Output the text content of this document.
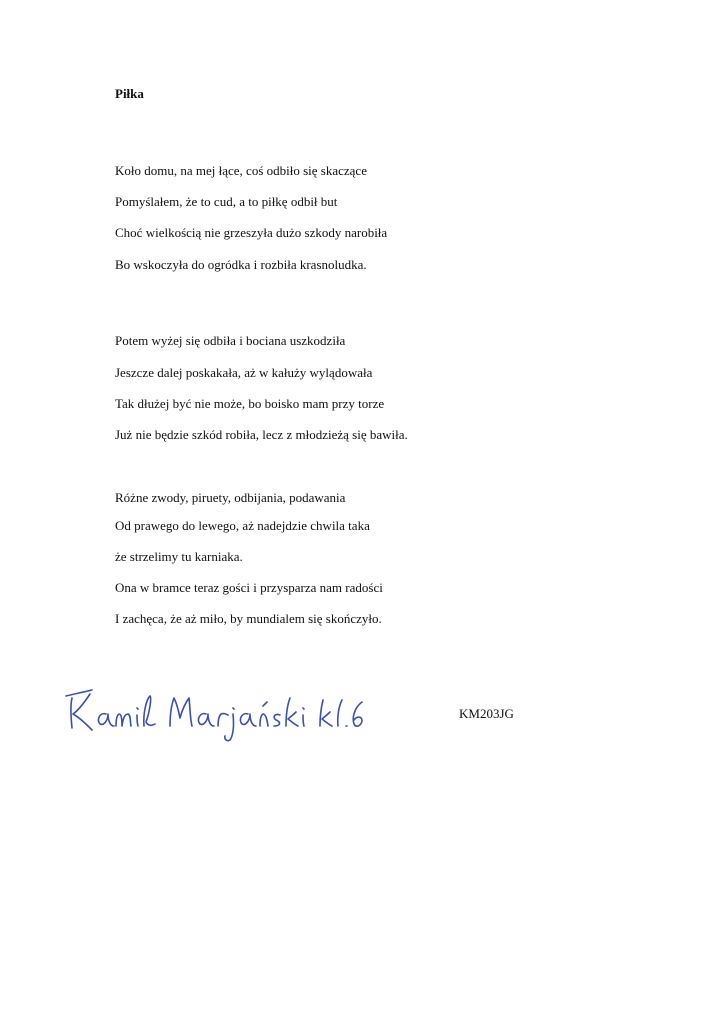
Piłka
Koło domu, na mej łące, coś odbiło się skaczące
Pomyślałem, że to cud, a to piłkę odbił but
Choć wielkością nie grzeszyła dużo szkody narobiła
Bo wskoczyła do ogródka i rozbiła krasnoludka.
Potem wyżej się odbiła i bociana uszkodziła
Jeszcze dalej poskakała, aż w kałuży wylądowała
Tak dłużej być nie może, bo boisko mam przy torze
Już nie będzie szkód robiła, lecz z młodzieżą się bawiła.
Różne zwody, piruety, odbijania, podawania
Od prawego do lewego, aż nadejdzie chwila taka
że strzelimy tu karniaka.
Ona w bramce teraz gości i przysparza nam radości
I zachęca, że aż miło, by mundialem się skończyło.
KM203JG
